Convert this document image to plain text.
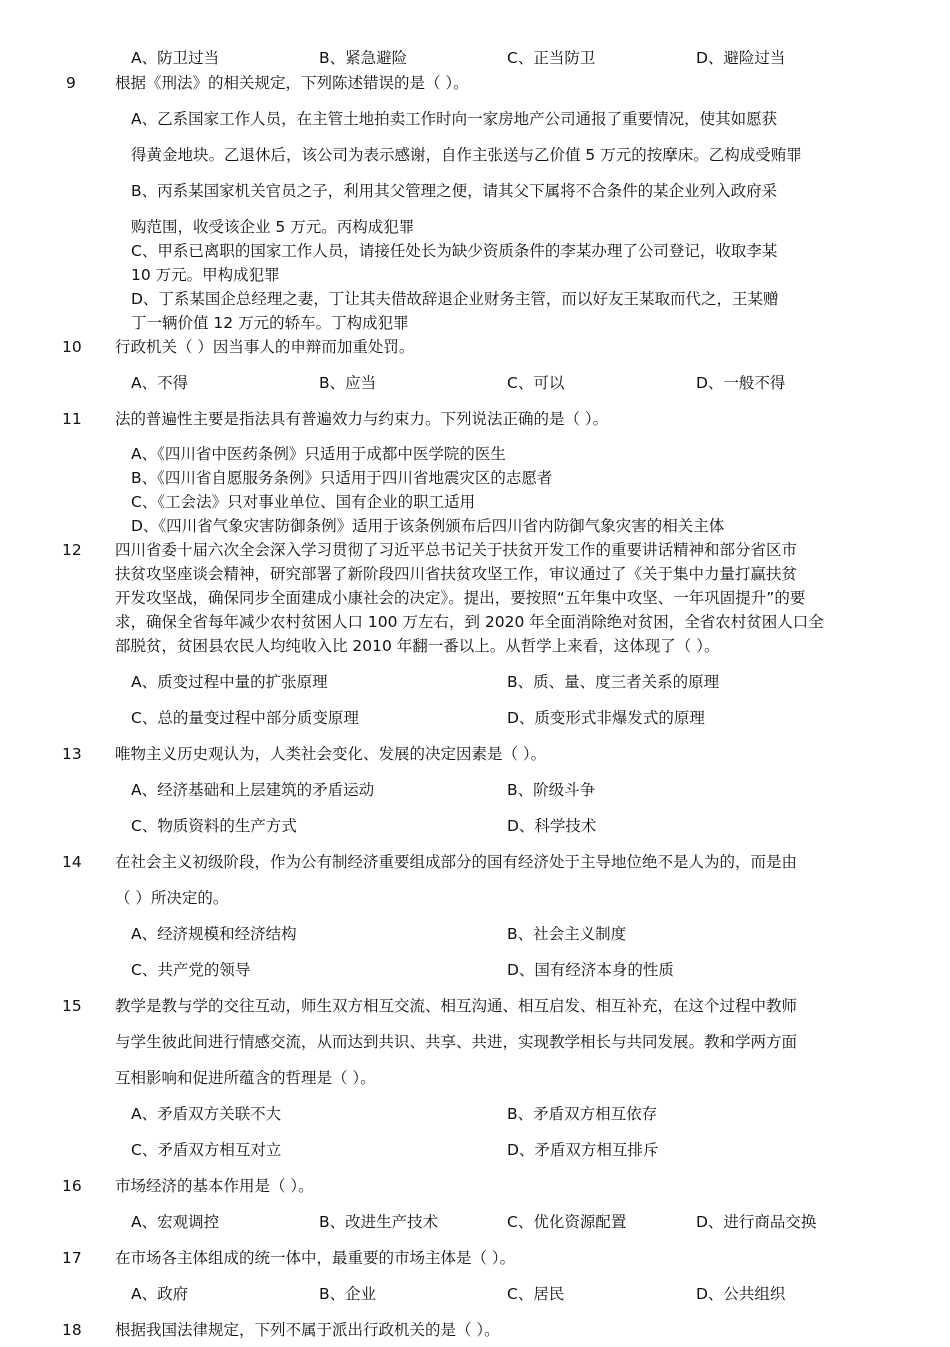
A、防卫过当	B、紧急避险	C、正当防卫	D、避险过当
9	根据《刑法》的相关规定，下列陈述错误的是（ ）。
A、乙系国家工作人员，在主管土地拍卖工作时向一家房地产公司通报了重要情况，使其如愿获
得黄金地块。乙退休后，该公司为表示感谢，自作主张送与乙价值 5 万元的按摩床。乙构成受贿罪
B、丙系某国家机关官员之子，利用其父管理之便，请其父下属将不合条件的某企业列入政府采
购范围，收受该企业 5 万元。丙构成犯罪
C、甲系已离职的国家工作人员，请接任处长为缺少资质条件的李某办理了公司登记，收取李某
10 万元。甲构成犯罪
D、丁系某国企总经理之妻，丁让其夫借故辞退企业财务主管，而以好友王某取而代之，王某赠
丁一辆价值 12 万元的轿车。丁构成犯罪
10 行政机关（ ）因当事人的申辩而加重处罚。
A、不得	B、应当	C、可以	D、一般不得
11 法的普遍性主要是指法具有普遍效力与约束力。下列说法正确的是（ ）。
A、《四川省中医药条例》只适用于成都中医学院的医生
B、《四川省自愿服务条例》只适用于四川省地震灾区的志愿者
C、《工会法》只对事业单位、国有企业的职工适用
D、《四川省气象灾害防御条例》适用于该条例颁布后四川省内防御气象灾害的相关主体
12 四川省委十届六次全会深入学习贯彻了习近平总书记关于扶贫开发工作的重要讲话精神和部分省区市
扶贫攻坚座谈会精神，研究部署了新阶段四川省扶贫攻坚工作，审议通过了《关于集中力量打赢扶贫
开发攻坚战，确保同步全面建成小康社会的决定》。提出，要按照“五年集中攻坚、一年巩固提升”的要
求，确保全省每年减少农村贫困人口 100 万左右，到 2020 年全面消除绝对贫困，全省农村贫困人口全
部脱贫，贫困县农民人均纯收入比 2010 年翻一番以上。从哲学上来看，这体现了（ ）。
A、质变过程中量的扩张原理	B、质、量、度三者关系的原理
C、总的量变过程中部分质变原理	D、质变形式非爆发式的原理
13 唯物主义历史观认为，人类社会变化、发展的决定因素是（ ）。
A、经济基础和上层建筑的矛盾运动	B、阶级斗争
C、物质资料的生产方式	D、科学技术
14 在社会主义初级阶段，作为公有制经济重要组成部分的国有经济处于主导地位绝不是人为的，而是由
（ ）所决定的。
A、经济规模和经济结构	B、社会主义制度
C、共产党的领导	D、国有经济本身的性质
15 教学是教与学的交往互动，师生双方相互交流、相互沟通、相互启发、相互补充，在这个过程中教师
与学生彼此间进行情感交流，从而达到共识、共享、共进，实现教学相长与共同发展。教和学两方面
互相影响和促进所蕴含的哲理是（ ）。
A、矛盾双方关联不大	B、矛盾双方相互依存
C、矛盾双方相互对立	D、矛盾双方相互排斥
16 市场经济的基本作用是（ ）。
A、宏观调控	B、改进生产技术	C、优化资源配置	D、进行商品交换
17 在市场各主体组成的统一体中，最重要的市场主体是（ ）。
A、政府	B、企业	C、居民	D、公共组织
18 根据我国法律规定，下列不属于派出行政机关的是（ ）。
